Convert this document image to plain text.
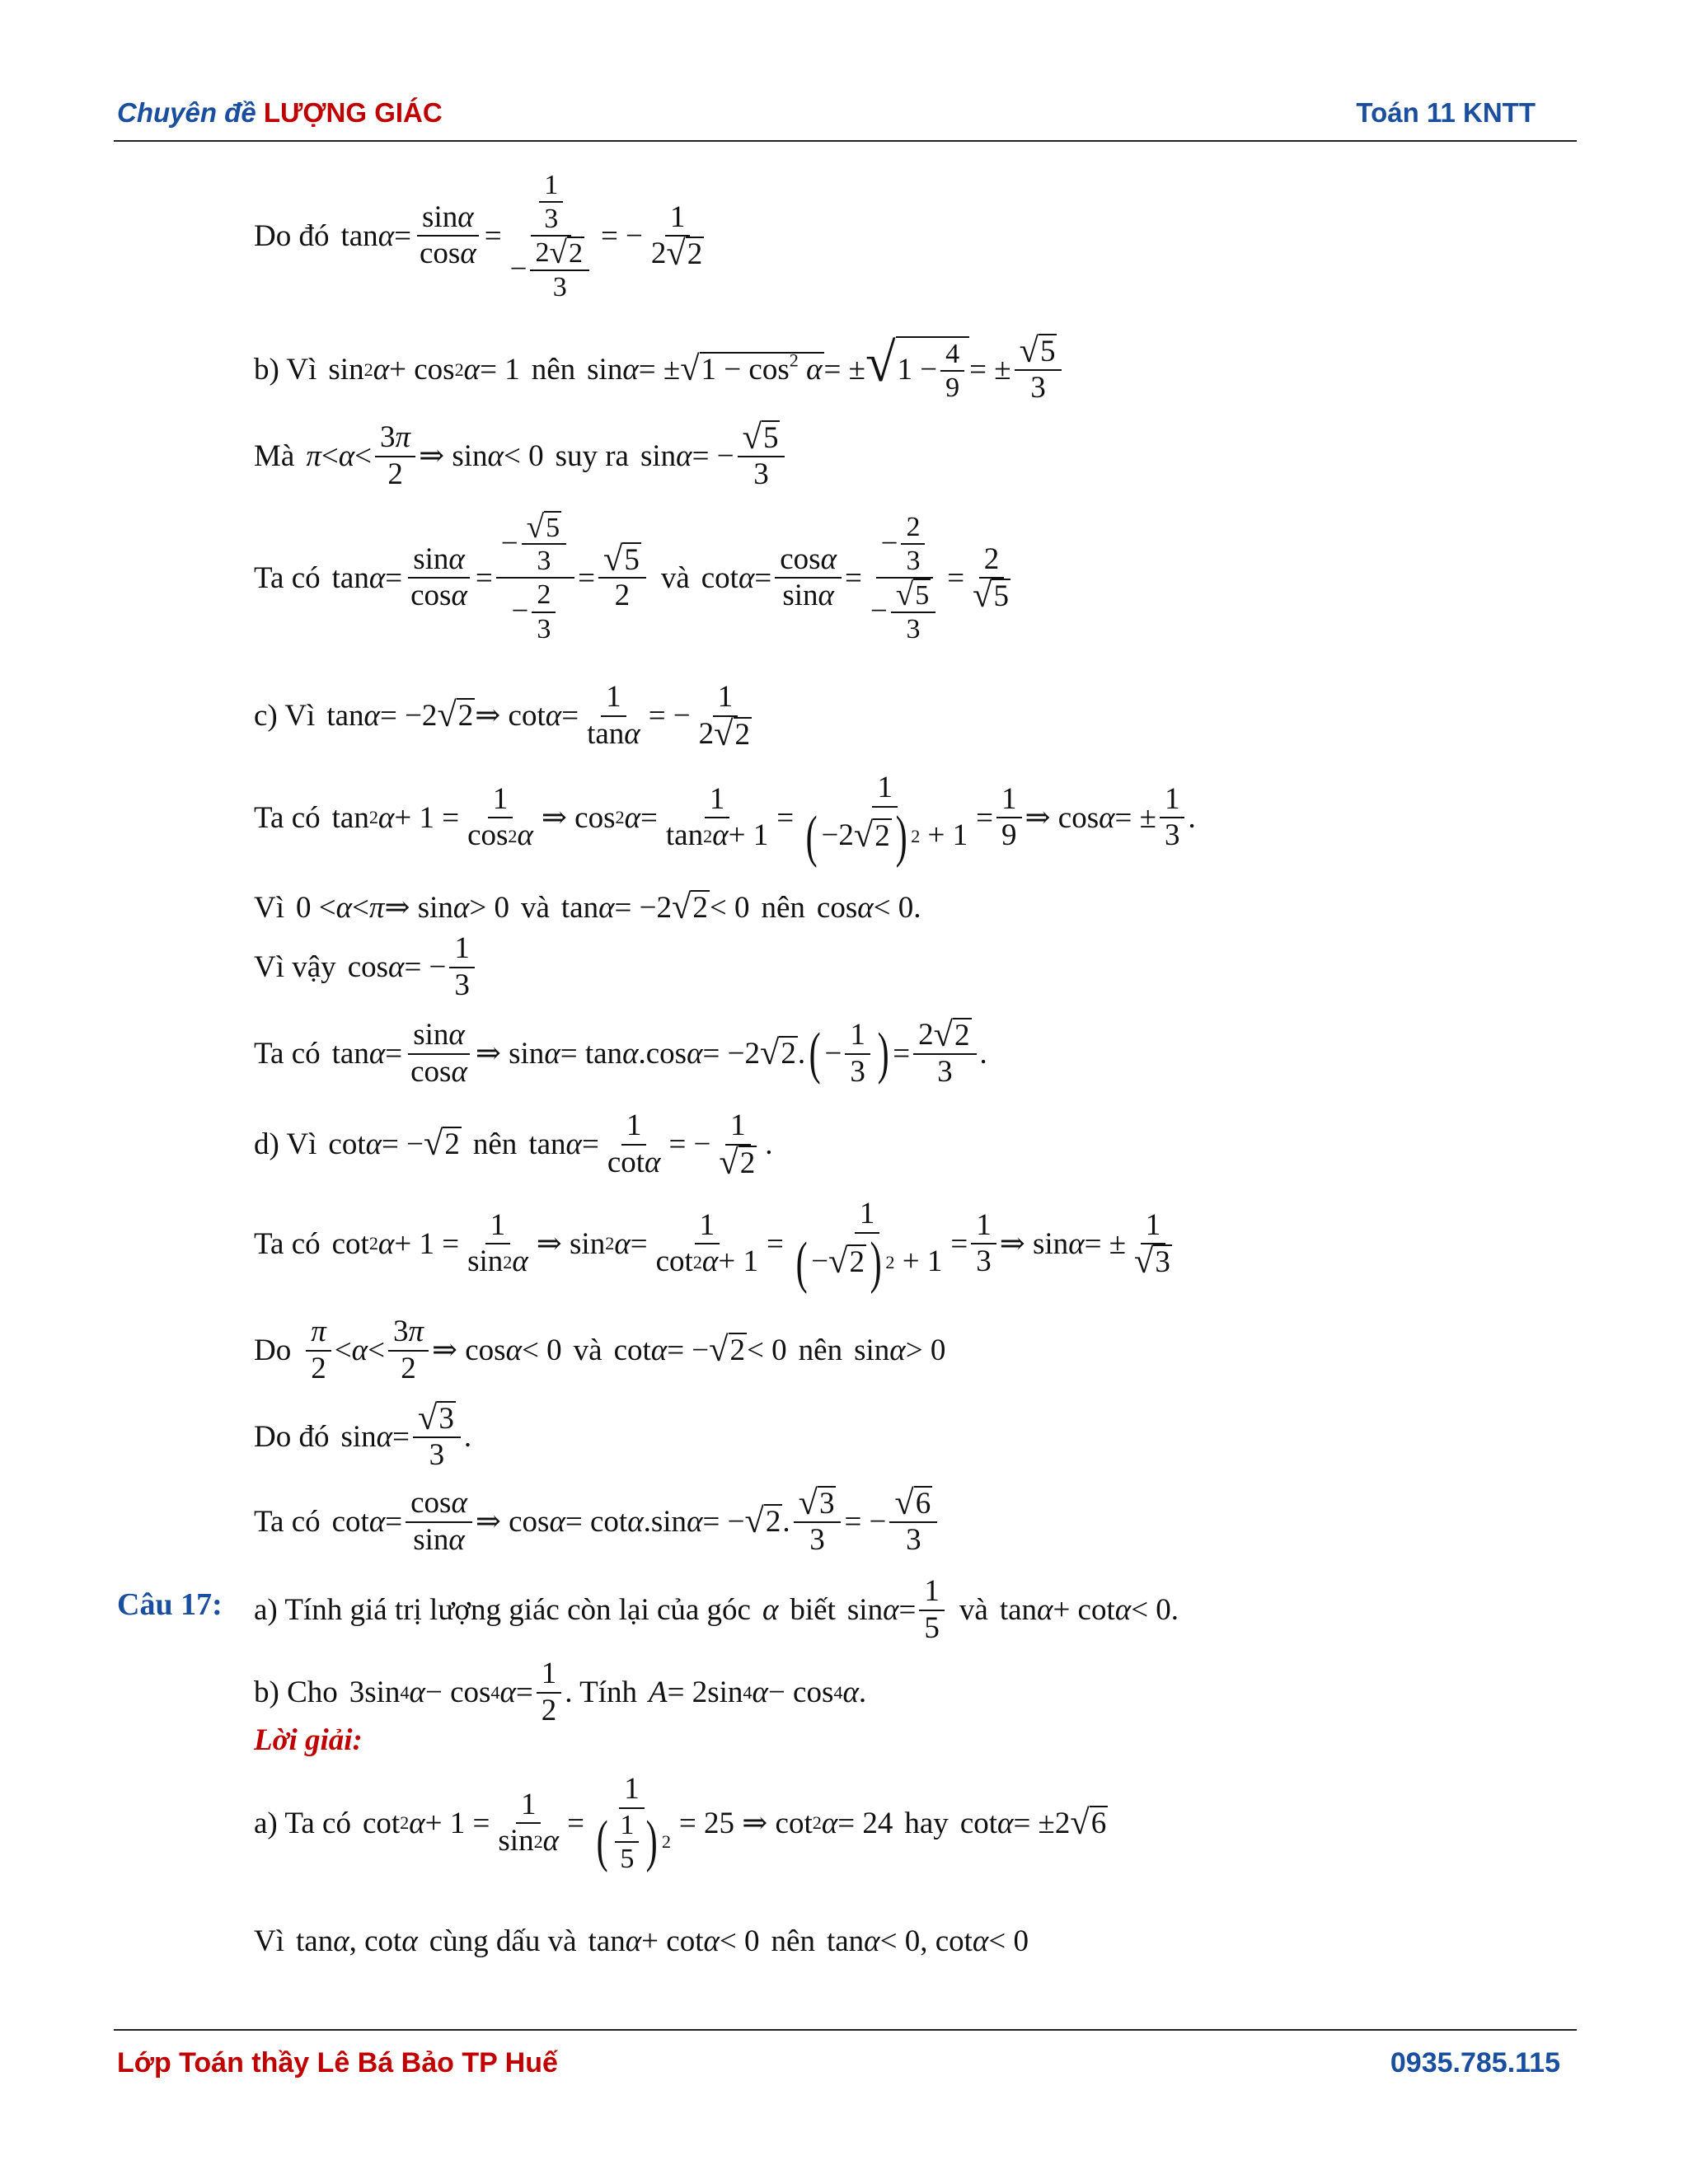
Chuyên đề LƯỢNG GIÁC	Toán 11 KNTT
Do đó tan α =
sin α
cos α
=
1
3
− 2 √ 2
3
= −
1
2 √ 2
b) Vì sin 2 α + cos 2 α = 1 nên sin α = ± √ $1 - \cos^2 \alpha$ = ± √ 1 − 4
9
= ± √ 5
3
Mà π < α <
3 π
2
⇒ sin α < 0 suy ra sin α = − √ 5
3
Ta có tan α =
sin α
cos α
=
− √ 5
3
− 2
3
= √ 5
2
và cot α =
cos α
sin α
=
− 2
3
− √ 5
3
=
2
√ 5
c) Vì tan α = −2 √ 2 ⇒ cot α =
1
tan α
= −
1
2 √ 2
Ta có tan 2 α + 1 =
1
cos 2 α
⇒ cos 2 α =
1
tan 2 α + 1
=
1
( −2 √ 2 ) 2 + 1
=
1
9
⇒ cos α = ±
1
3
.
Vì 0 < α < π ⇒ sin α > 0 và tan α = −2 √ 2 < 0 nên cos α < 0.
Vì vậy cos α = −
1
3
Ta có tan α =
sin α
cos α
⇒ sin α = tan α .cos α = −2 √ 2 . ( −
1
3 ) =
2 √ 2
3
.
d) Vì cot α = − √ 2 nên tan α =
1
cot α
= −
1
√ 2
.
Ta có cot 2 α + 1 =
1
sin 2 α
⇒ sin 2 α =
1
cot 2 α + 1
=
1
( − √ 2 ) 2 + 1
=
1
3
⇒ sin α = ±
1
√ 3
Do
π
2
< α <
3 π
2
⇒ cos α < 0 và cot α = − √ 2 < 0 nên sin α > 0
Do đó sin α = √ 3
3
.
Ta có cot α =
cos α
sin α
⇒ cos α = cot α .sin α = − √ 2 . √ 3
3
= − √ 6
3
Câu 17: a) Tính giá trị lượng giác còn lại của góc α biết sin α =
1
5
và tan α + cot α < 0.
b) Cho 3sin 4 α − cos 4 α =
1
2
. Tính A = 2sin 4 α − cos 4 α .
Lời giải:
a) Ta có cot 2 α + 1 =
1
sin 2 α
=
1
( 1
5 ) 2
= 25 ⇒ cot 2 α = 24 hay cot α = ±2 √ 6
Vì tan α , cot α cùng dấu và tan α + cot α < 0 nên tan α < 0, cot α < 0
Lớp Toán thầy Lê Bá Bảo TP Huế	0935.785.115
